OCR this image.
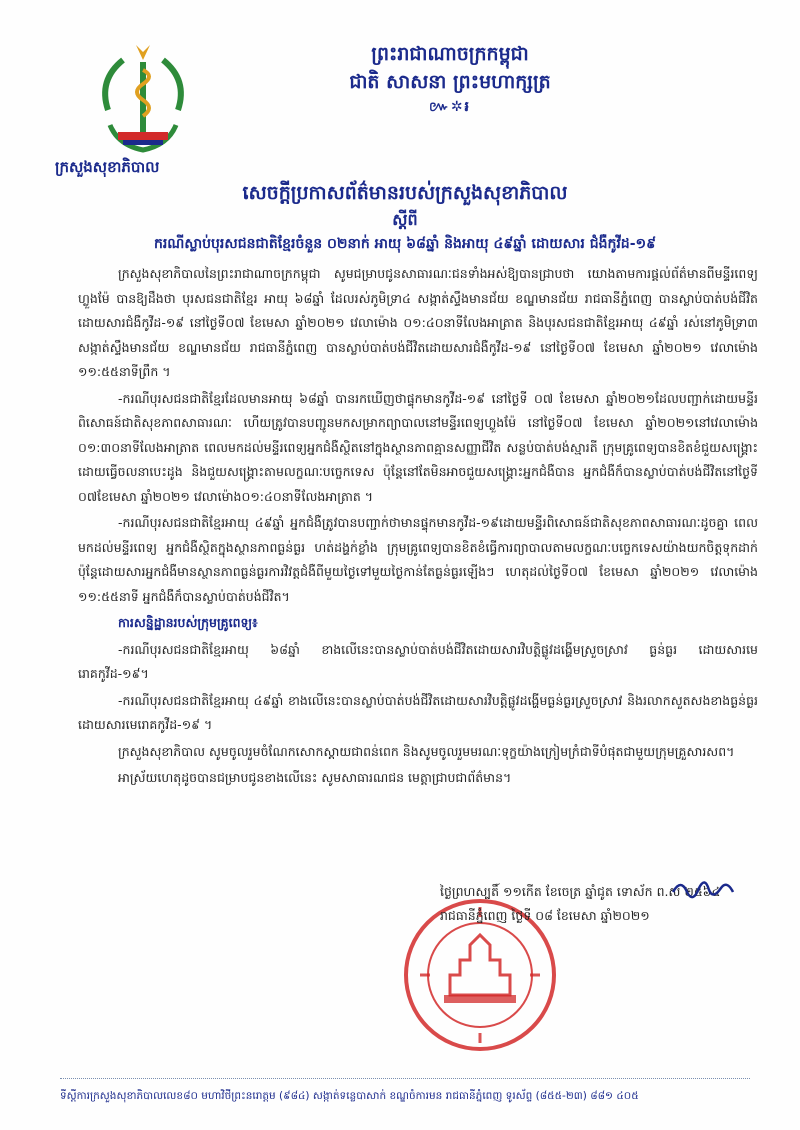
ក្រសួងសុខាភិបាល
ព្រះរាជាណាចក្រកម្ពុជា
ជាតិ សាសនា ព្រះមហាក្សត្រ
៚✲៛
សេចក្តីប្រកាសព័ត៌មានរបស់ក្រសួងសុខាភិបាល
ស្តីពី
ករណីស្លាប់បុរសជនជាតិខ្មែរចំនួន ០២នាក់ អាយុ ៦៨ឆ្នាំ និងអាយុ ៤៩ឆ្នាំ ដោយសារ ជំងឺកូវីដ-១៩

ក្រសួងសុខាភិបាលនៃព្រះរាជាណាចក្រកម្ពុជា សូមជម្រាបជូនសាធារណៈជនទាំងអស់ឱ្យបានជ្រាបថា យោងតាមការផ្តល់ព័ត៌មានពីមន្ទីរពេទ្យហ្លួងម៉ែ បានឱ្យដឹងថា បុរសជនជាតិខ្មែរ អាយុ ៦៨ឆ្នាំ ដែលរស់ភូមិទ្រា៤ សង្កាត់ស្ទឹងមានជ័យ ខណ្ឌមានជ័យ រាជធានីភ្នំពេញ បានស្លាប់បាត់បង់ជីវិតដោយសារជំងឺកូវីដ-១៩ នៅថ្ងៃទី០៧ ខែមេសា ឆ្នាំ២០២១ វេលាម៉ោង ០១:៤០នាទីលែងអាត្រាត និងបុរសជនជាតិខ្មែរអាយុ ៤៩ឆ្នាំ រស់នៅភូមិទ្រា៣ សង្កាត់ស្ទឹងមានជ័យ ខណ្ឌមានជ័យ រាជធានីភ្នំពេញ បានស្លាប់បាត់បង់ជីវិតដោយសារជំងឺកូវីដ-១៩ នៅថ្ងៃទី០៧ ខែមេសា ឆ្នាំ២០២១ វេលាម៉ោង ១១:៥៥នាទីព្រឹក ។

-ករណីបុរសជនជាតិខ្មែរដែលមានអាយុ ៦៨ឆ្នាំ បានរកឃើញថាផ្ទុកមានកូវីដ-១៩ នៅថ្ងៃទី ០៧ ខែមេសា ឆ្នាំ២០២១ដែលបញ្ជាក់ដោយមន្ទីរពិសោធន៍ជាតិសុខភាពសាធារណៈ ហើយត្រូវបានបញ្ជូនមកសម្រាកព្យាបាលនៅមន្ទីរពេទ្យហ្លួងម៉ែ នៅថ្ងៃទី០៧ ខែមេសា ឆ្នាំ២០២១នៅវេលាម៉ោង ០១:៣០នាទីលែងអាត្រាត ពេលមកដល់មន្ទីរពេទ្យអ្នកជំងឺស្ថិតនៅក្នុងស្ថានភាពគ្មានសញ្ញាជីវិត សន្លប់បាត់បង់ស្មារតី ក្រុមគ្រូពេទ្យបានខិតខំជួយសង្គ្រោះដោយធ្វើចលនាបេះដូង និងជួយសង្គ្រោះតាមលក្ខណៈបច្ចេកទេស ប៉ុន្តែនៅតែមិនអាចជួយសង្គ្រោះអ្នកជំងឺបាន អ្នកជំងឺក៏បានស្លាប់បាត់បង់ជីវិតនៅថ្ងៃទី ០៧ខែមេសា ឆ្នាំ២០២១ វេលាម៉ោង០១:៤០នាទីលែងអាត្រាត ។

-ករណីបុរសជនជាតិខ្មែរអាយុ ៤៩ឆ្នាំ អ្នកជំងឺត្រូវបានបញ្ជាក់ថាមានផ្ទុកមានកូវីដ-១៩ដោយមន្ទីរពិសោធន៍ជាតិសុខភាពសាធារណៈដូចគ្នា ពេលមកដល់មន្ទីរពេទ្យ អ្នកជំងឺស្ថិតក្នុងស្ថានភាពធ្ងន់ធ្ងរ ហត់ដង្ហក់ខ្លាំង ក្រុមគ្រូពេទ្យបានខិតខំធ្វើការព្យាបាលតាមលក្ខណៈបច្ចេកទេសយ៉ាងយកចិត្តទុកដាក់ ប៉ុន្តែដោយសារអ្នកជំងឺមានស្ថានភាពធ្ងន់ធ្ងរការវិវត្តជំងឺពីមួយថ្ងៃទៅមួយថ្ងៃកាន់តែធ្ងន់ធ្ងរឡើងៗ ហេតុដល់ថ្ងៃទី០៧ ខែមេសា ឆ្នាំ២០២១ វេលាម៉ោង ១១:៥៥នាទី អ្នកជំងឺក៏បានស្លាប់បាត់បង់ជីវិត។

ការសន្និដ្ឋានរបស់ក្រុមគ្រូពេទ្យ៖

-ករណីបុរសជនជាតិខ្មែរអាយុ ៦៨ឆ្នាំ ខាងលើនេះបានស្លាប់បាត់បង់ជីវិតដោយសារវិបត្តិផ្លូវដង្ហើមស្រួចស្រាវ ធ្ងន់ធ្ងរ ដោយសារមេរោគកូវីដ-១៩។

-ករណីបុរសជនជាតិខ្មែរអាយុ ៤៩ឆ្នាំ ខាងលើនេះបានស្លាប់បាត់បង់ជីវិតដោយសារវិបត្តិផ្លូវដង្ហើមធ្ងន់ធ្ងរស្រួចស្រាវ និងរលាកសួតសងខាងធ្ងន់ធ្ងរ ដោយសារមេរោគកូវីដ-១៩ ។

ក្រសួងសុខាភិបាល សូមចូលរួមចំណែកសោកស្តាយជាពន់ពេក និងសូមចូលរួមមរណៈទុក្ខយ៉ាងក្រៀមក្រំជាទីបំផុតជាមួយក្រុមគ្រួសារសព។

អាស្រ័យហេតុដូចបានជម្រាបជូនខាងលើនេះ សូមសាធារណជន មេត្តាជ្រាបជាព័ត៌មាន។

ថ្ងៃព្រហស្បតិ៍ ១១កើត ខែចេត្រ ឆ្នាំជូត ទោស័ក ព.ស ២៥៦៤
រាជធានីភ្នំពេញ ថ្ងៃទី ០៨ ខែមេសា ឆ្នាំ២០២១
ទីស្តីការក្រសួងសុខាភិបាលលេខ៨០ មហាវិថីព្រះនរោត្តម (៩៨៤) សង្កាត់ទន្លេបាសាក់ ខណ្ឌចំការមន រាជធានីភ្នំពេញ ទូរស័ព្ទ (៨៥៥-២៣) ៨៨១ ៤០៥
